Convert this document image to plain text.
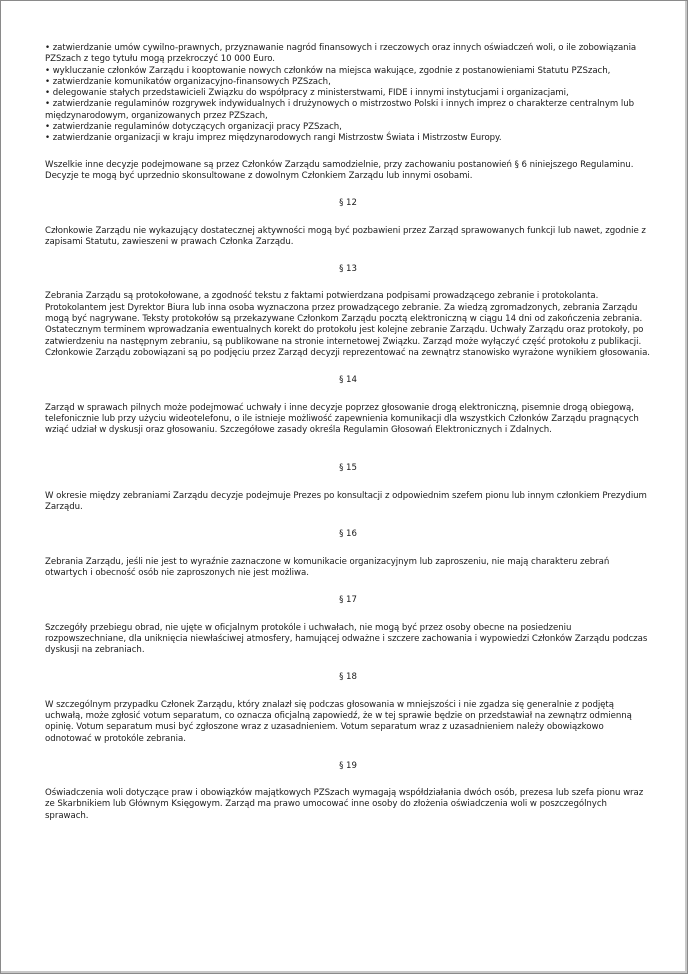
• zatwierdzanie umów cywilno-prawnych, przyznawanie nagród finansowych i rzeczowych oraz innych oświadczeń woli, o ile zobowiązania PZSzach z tego tytułu mogą przekroczyć 10 000 Euro.

• wykluczanie członków Zarządu i kooptowanie nowych członków na miejsca wakujące, zgodnie z postanowieniami Statutu PZSzach,

• zatwierdzanie komunikatów organizacyjno-finansowych PZSzach,

• delegowanie stałych przedstawicieli Związku do współpracy z ministerstwami, FIDE i innymi instytucjami i organizacjami,

• zatwierdzanie regulaminów rozgrywek indywidualnych i drużynowych o mistrzostwo Polski i innych imprez o charakterze centralnym lub międzynarodowym, organizowanych przez PZSzach,

• zatwierdzanie regulaminów dotyczących organizacji pracy PZSzach,

• zatwierdzanie organizacji w kraju imprez międzynarodowych rangi Mistrzostw Świata i Mistrzostw Europy.

Wszelkie inne decyzje podejmowane są przez Członków Zarządu samodzielnie, przy zachowaniu postanowień § 6 niniejszego Regulaminu. Decyzje te mogą być uprzednio skonsultowane z dowolnym Członkiem Zarządu lub innymi osobami.

§ 12

Członkowie Zarządu nie wykazujący dostatecznej aktywności mogą być pozbawieni przez Zarząd sprawowanych funkcji lub nawet, zgodnie z zapisami Statutu, zawieszeni w prawach Członka Zarządu.

§ 13

Zebrania Zarządu są protokołowane, a zgodność tekstu z faktami potwierdzana podpisami prowadzącego zebranie i protokolanta. Protokolantem jest Dyrektor Biura lub inna osoba wyznaczona przez prowadzącego zebranie. Za wiedzą zgromadzonych, zebrania Zarządu mogą być nagrywane. Teksty protokołów są przekazywane Członkom Zarządu pocztą elektroniczną w ciągu 14 dni od zakończenia zebrania. Ostatecznym terminem wprowadzania ewentualnych korekt do protokołu jest kolejne zebranie Zarządu. Uchwały Zarządu oraz protokoły, po zatwierdzeniu na następnym zebraniu, są publikowane na stronie internetowej Związku. Zarząd może wyłączyć część protokołu z publikacji. Członkowie Zarządu zobowiązani są po podjęciu przez Zarząd decyzji reprezentować na zewnątrz stanowisko wyrażone wynikiem głosowania.

§ 14

Zarząd w sprawach pilnych może podejmować uchwały i inne decyzje poprzez głosowanie drogą elektroniczną, pisemnie drogą obiegową, telefonicznie lub przy użyciu wideotelefonu, o ile istnieje możliwość zapewnienia komunikacji dla wszystkich Członków Zarządu pragnących wziąć udział w dyskusji oraz głosowaniu. Szczegółowe zasady określa Regulamin Głosowań Elektronicznych i Zdalnych.

§ 15

W okresie między zebraniami Zarządu decyzje podejmuje Prezes po konsultacji z odpowiednim szefem pionu lub innym członkiem Prezydium Zarządu.

§ 16

Zebrania Zarządu, jeśli nie jest to wyraźnie zaznaczone w komunikacie organizacyjnym lub zaproszeniu, nie mają charakteru zebrań otwartych i obecność osób nie zaproszonych nie jest możliwa.

§ 17

Szczegóły przebiegu obrad, nie ujęte w oficjalnym protokóle i uchwałach, nie mogą być przez osoby obecne na posiedzeniu rozpowszechniane, dla uniknięcia niewłaściwej atmosfery, hamującej odważne i szczere zachowania i wypowiedzi Członków Zarządu podczas dyskusji na zebraniach.

§ 18

W szczególnym przypadku Członek Zarządu, który znalazł się podczas głosowania w mniejszości i nie zgadza się generalnie z podjętą uchwałą, może zgłosić votum separatum, co oznacza oficjalną zapowiedź, że w tej sprawie będzie on przedstawiał na zewnątrz odmienną opinię. Votum separatum musi być zgłoszone wraz z uzasadnieniem. Votum separatum wraz z uzasadnieniem należy obowiązkowo odnotować w protokóle zebrania.

§ 19

Oświadczenia woli dotyczące praw i obowiązków majątkowych PZSzach wymagają współdziałania dwóch osób, prezesa lub szefa pionu wraz ze Skarbnikiem lub Głównym Księgowym. Zarząd ma prawo umocować inne osoby do złożenia oświadczenia woli w poszczególnych sprawach.
